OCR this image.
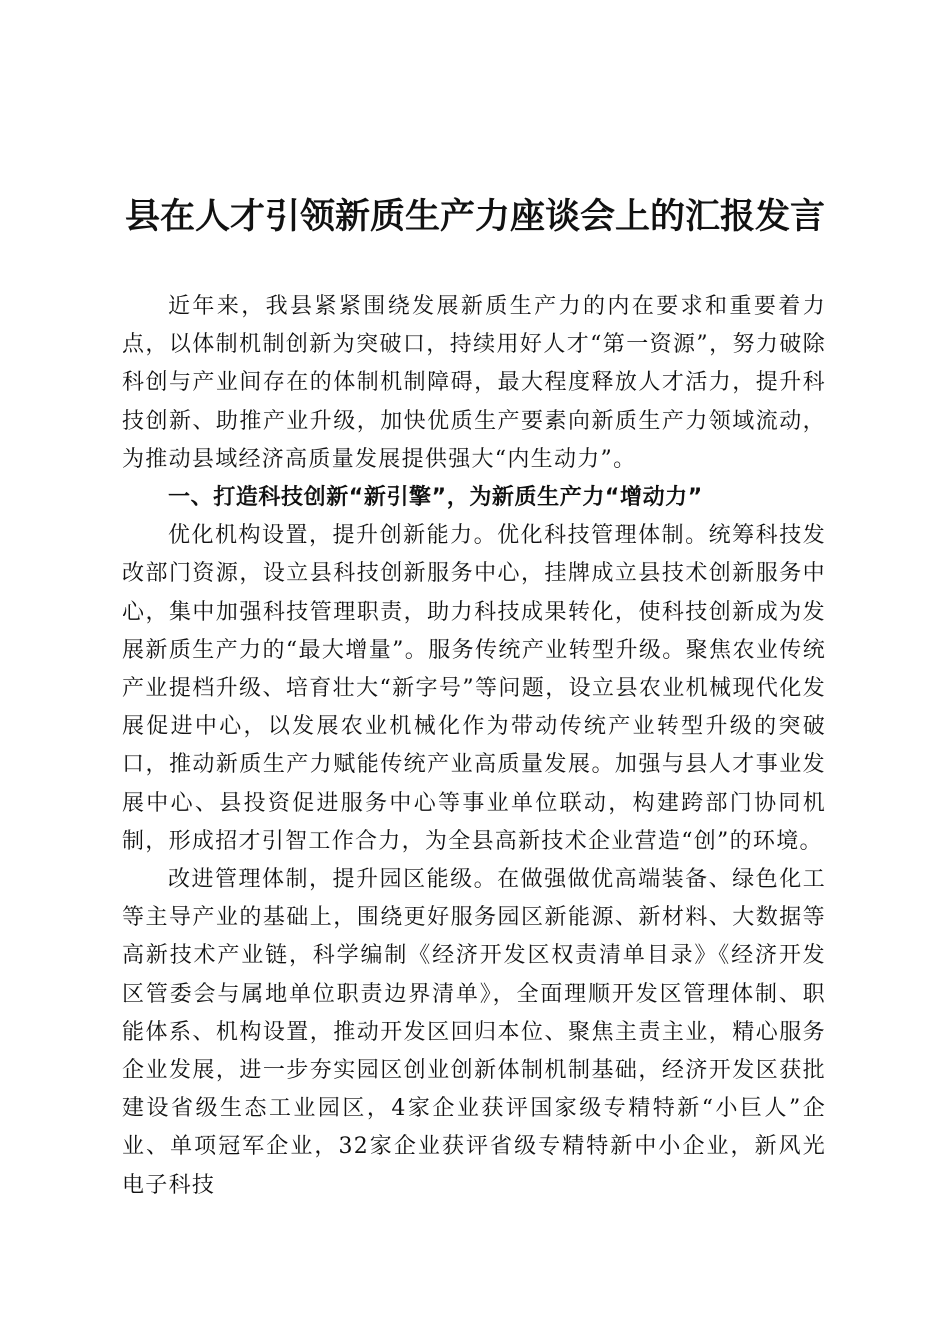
县在人才引领新质生产力座谈会上的汇报发言

近年来，我县紧紧围绕发展新质生产力的内在要求和重要着力点，以体制机制创新为突破口，持续用好人才“第一资源”，努力破除科创与产业间存在的体制机制障碍，最大程度释放人才活力，提升科技创新、助推产业升级，加快优质生产要素向新质生产力领域流动，为推动县域经济高质量发展提供强大“内生动力”。

一、打造科技创新“新引擎”，为新质生产力“增动力”

优化机构设置，提升创新能力。优化科技管理体制。统筹科技发改部门资源，设立县科技创新服务中心，挂牌成立县技术创新服务中心，集中加强科技管理职责，助力科技成果转化，使科技创新成为发展新质生产力的“最大增量”。服务传统产业转型升级。聚焦农业传统产业提档升级、培育壮大“新字号”等问题，设立县农业机械现代化发展促进中心，以发展农业机械化作为带动传统产业转型升级的突破口，推动新质生产力赋能传统产业高质量发展。加强与县人才事业发展中心、县投资促进服务中心等事业单位联动，构建跨部门协同机制，形成招才引智工作合力，为全县高新技术企业营造“创”的环境。

改进管理体制，提升园区能级。在做强做优高端装备、绿色化工等主导产业的基础上，围绕更好服务园区新能源、新材料、大数据等高新技术产业链，科学编制《经济开发区权责清单目录》《经济开发区管委会与属地单位职责边界清单》，全面理顺开发区管理体制、职能体系、机构设置，推动开发区回归本位、聚焦主责主业，精心服务企业发展，进一步夯实园区创业创新体制机制基础，经济开发区获批建设省级生态工业园区，4家企业获评国家级专精特新“小巨人”企业、单项冠军企业，32家企业获评省级专精特新中小企业，新风光电子科技
